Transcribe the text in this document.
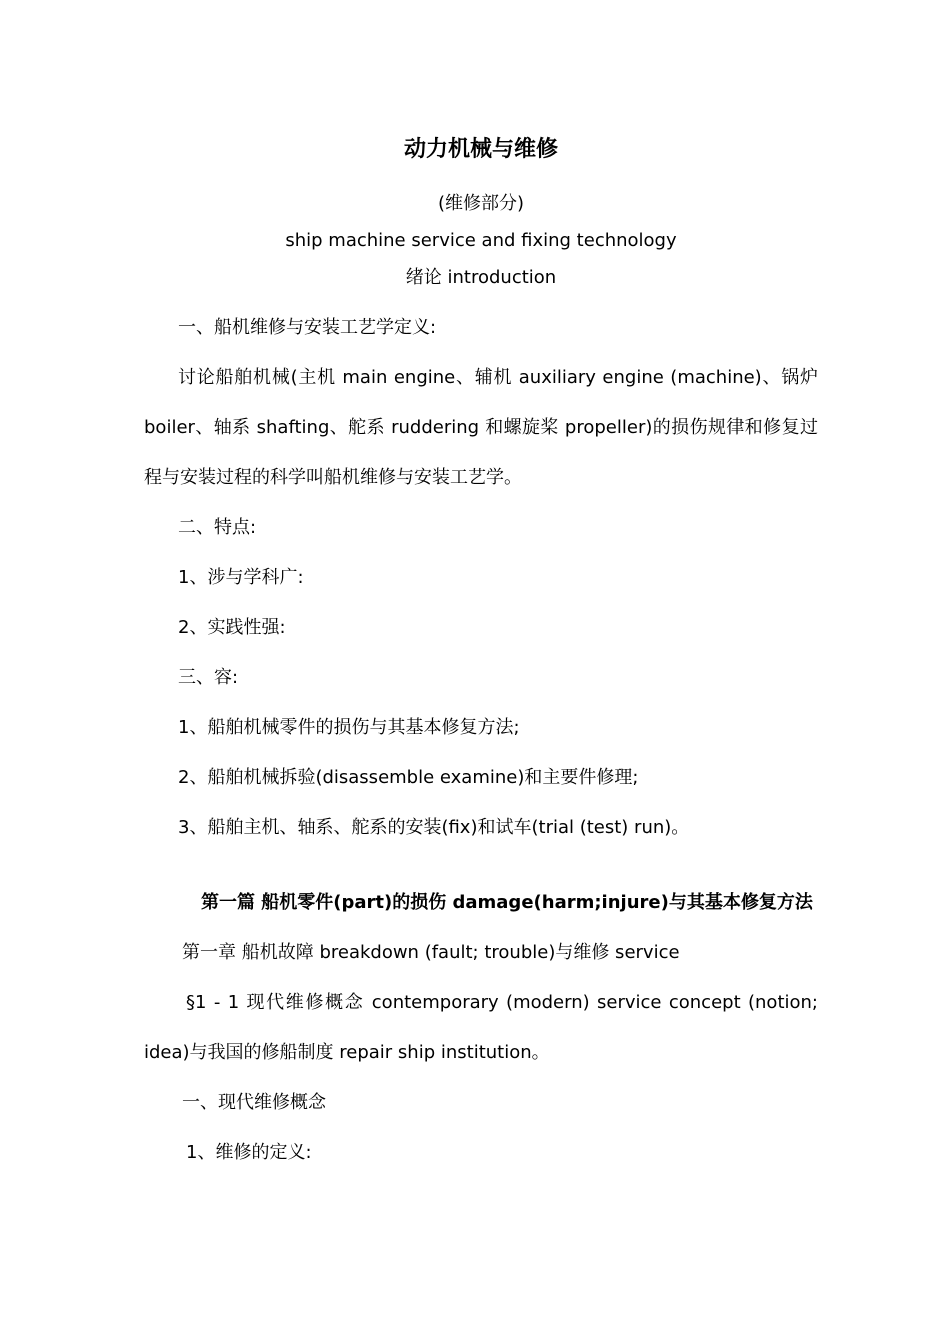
动力机械与维修
(维修部分)
ship machine service and fixing technology
绪论 introduction

一、船机维修与安装工艺学定义:

讨论船舶机械(主机 main engine、辅机 auxiliary engine (machine)、锅炉 boiler、轴系 shafting、舵系 ruddering 和螺旋桨 propeller)的损伤规律和修复过程与安装过程的科学叫船机维修与安装工艺学。

二、特点:

1、涉与学科广:

2、实践性强:

三、容:

1、船舶机械零件的损伤与其基本修复方法;

2、船舶机械拆验(disassemble examine)和主要件修理;

3、船舶主机、轴系、舵系的安装(fix)和试车(trial (test) run)。

第一篇 船机零件(part)的损伤 damage(harm;injure)与其基本修复方法

第一章 船机故障 breakdown (fault; trouble)与维修 service

§1 - 1 现代维修概念 contemporary (modern) service concept (notion; idea)与我国的修船制度 repair ship institution。

一、现代维修概念

1、维修的定义:
